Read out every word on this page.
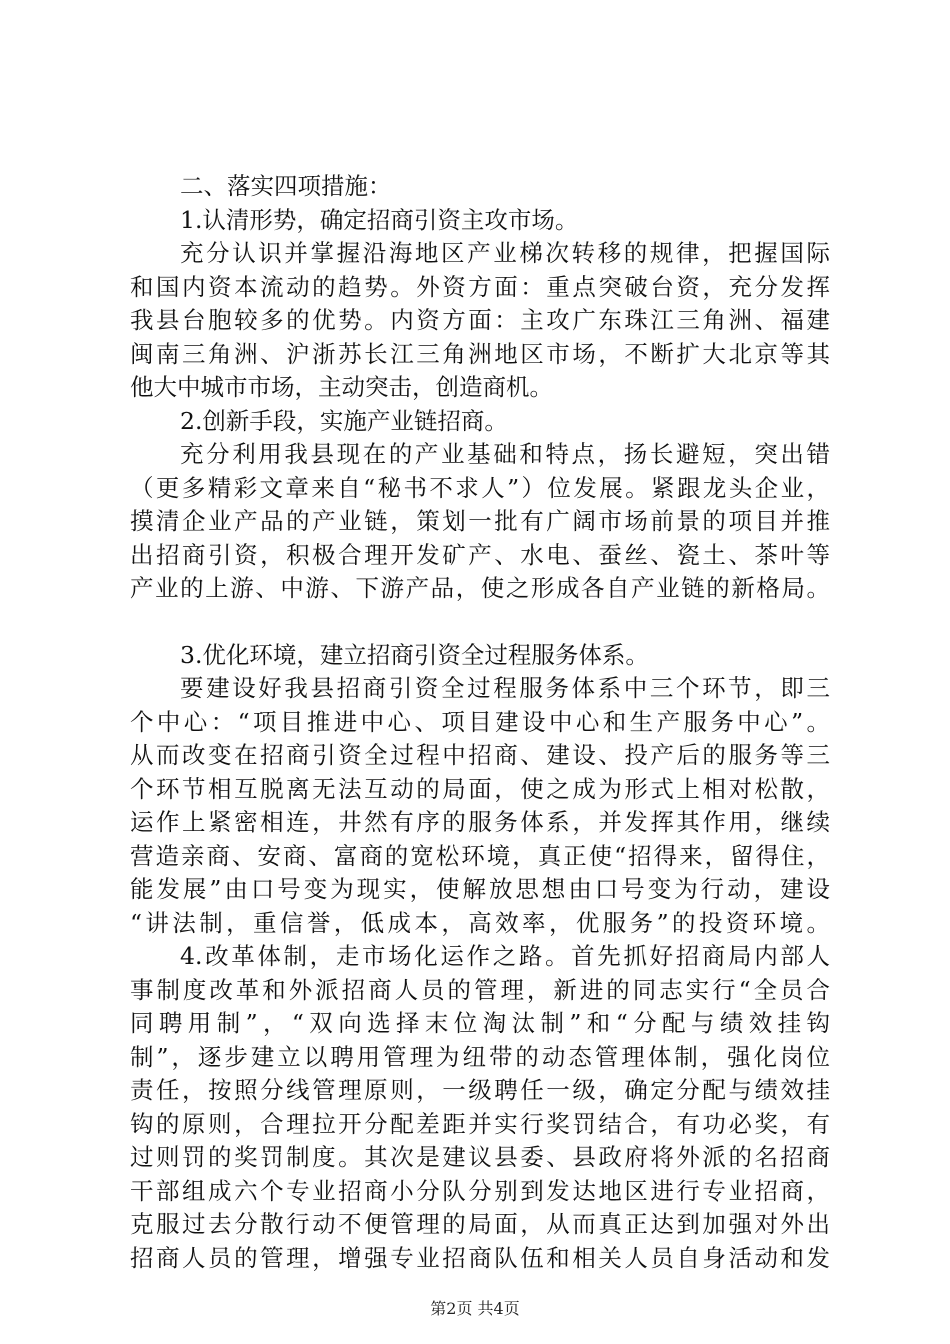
二、落实四项措施：
1.认清形势，确定招商引资主攻市场。
充分认识并掌握沿海地区产业梯次转移的规律，把握国际
和国内资本流动的趋势。外资方面：重点突破台资，充分发挥
我县台胞较多的优势。内资方面：主攻广东珠江三角洲、福建
闽南三角洲、沪浙苏长江三角洲地区市场，不断扩大北京等其
他大中城市市场，主动突击，创造商机。
2.创新手段，实施产业链招商。
充分利用我县现在的产业基础和特点，扬长避短，突出错
（更多精彩文章来自“秘书不求人”）位发展。紧跟龙头企业，
摸清企业产品的产业链，策划一批有广阔市场前景的项目并推
出招商引资，积极合理开发矿产、水电、蚕丝、瓷土、茶叶等
产业的上游、中游、下游产品，使之形成各自产业链的新格局。
3.优化环境，建立招商引资全过程服务体系。
要建设好我县招商引资全过程服务体系中三个环节，即三
个中心：“项目推进中心、项目建设中心和生产服务中心”。
从而改变在招商引资全过程中招商、建设、投产后的服务等三
个环节相互脱离无法互动的局面，使之成为形式上相对松散，
运作上紧密相连，井然有序的服务体系，并发挥其作用，继续
营造亲商、安商、富商的宽松环境，真正使“招得来，留得住，
能发展”由口号变为现实，使解放思想由口号变为行动，建设
“讲法制，重信誉，低成本，高效率，优服务”的投资环境。
4.改革体制，走市场化运作之路。首先抓好招商局内部人
事制度改革和外派招商人员的管理，新进的同志实行“全员合
同聘用制”，“双向选择末位淘汰制”和“分配与绩效挂钩
制”，逐步建立以聘用管理为纽带的动态管理体制，强化岗位
责任，按照分线管理原则，一级聘任一级，确定分配与绩效挂
钩的原则，合理拉开分配差距并实行奖罚结合，有功必奖，有
过则罚的奖罚制度。其次是建议县委、县政府将外派的名招商
干部组成六个专业招商小分队分别到发达地区进行专业招商，
克服过去分散行动不便管理的局面，从而真正达到加强对外出
招商人员的管理，增强专业招商队伍和相关人员自身活动和发
第2页 共4页
